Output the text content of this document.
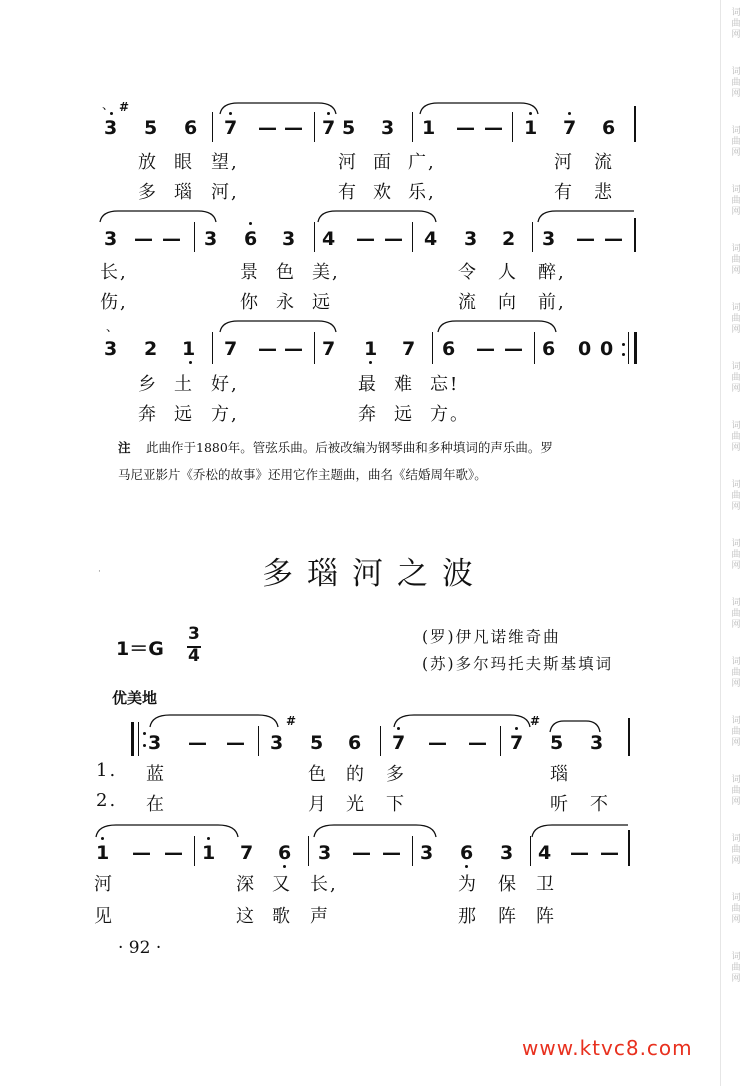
词
曲
网
词
曲
网
词
曲
网
词
曲
网
词
曲
网
词
曲
网
词
曲
网
词
曲
网
词
曲
网
词
曲
网
词
曲
网
词
曲
网
词
曲
网
词
曲
网
词
曲
网
词
曲
网
词
曲
网
、 #
3 5 6 7 — — 7 5 3 1 — — 1 7 6
放 眼 望,	河 面 广,	河 流
多 瑙 河,	有 欢 乐,	有 悲
3 — — 3 6 3 4 — — 4 3 2 3 — —
长,	景 色 美,	令 人 醉,
伤,	你 永 远	流 向 前,
、
3 2 1 7 — — 7 1 7 6 — — 6 0 0
乡 土 好,	最 难 忘!
奔 远 方,	奔 远 方。
注 此曲作于1880年。管弦乐曲。后被改编为钢琴曲和多种填词的声乐曲。罗
马尼亚影片《乔松的故事》还用它作主题曲，曲名《结婚周年歌》。
多瑙河之波
·
1＝G
3
4
(罗)伊凡诺维奇曲
(苏)多尔玛托夫斯基填词
优美地
#	#
3 — — 3 5 6 7 — — 7 5 3
1. 蓝	色 的 多	瑙
2. 在	月 光 下	听 不
1 — — 1 7 6 3 — — 3 6 3 4 — —
河	深 又 长,	为 保 卫
见	这 歌 声	那 阵 阵
· 92 ·
www.ktvc8.com
